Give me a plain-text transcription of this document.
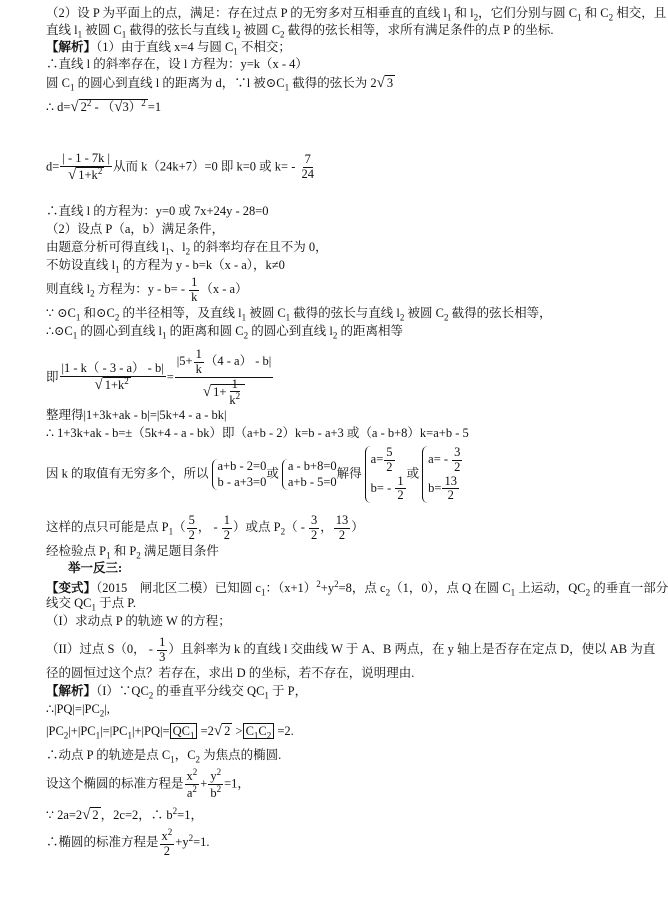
（2）设 P 为平面上的点，满足：存在过点 P 的无穷多对互相垂直的直线 $l_1$ 和 $l_2$，它们分别与圆 $C_1$ 和 $C_2$ 相交，且
直线 $l_1$ 被圆 $C_1$ 截得的弦长与直线 $l_2$ 被圆 $C_2$ 截得的弦长相等，求所有满足条件的点 P 的坐标.
【解析】（1）由于直线 x=4 与圆 $C_1$ 不相交；
∴直线 l 的斜率存在，设 l 方程为：y=k（x - 4）
圆 $C_1$ 的圆心到直线 l 的距离为 d，∵l 被$⊙C_1$ 截得的弦长为 2√ 3
∴ d=√ $2^2 - (√3)^2 =1$
$d= \frac{| - 1 - 7k |}{√ 1+k^2}$ 从而 k（24k+7）=0 即 k=0 或 $k= - \frac{7}{24}$
∴直线 l 的方程为：y=0 或 7x+24y - 28=0
（2）设点 P（a，b）满足条件，
由题意分析可得直线 $l_1$、$l_2$ 的斜率均存在且不为 0，
不妨设直线 $l_1$ 的方程为 y - b=k（x - a），k≠0
则直线 $l_2$ 方程为：$y - b= - \frac{1}{k} (x - a)$
∵ $⊙C_1$ 和$⊙C_2$ 的半径相等，及直线 $l_1$ 被圆 $C_1$ 截得的弦长与直线 $l_2$ 被圆 $C_2$ 截得的弦长相等，
$\therefore⊙C_1$ 的圆心到直线 $l_1$ 的距离和圆 $C_2$ 的圆心到直线 $l_2$ 的距离相等
即 $\frac{|1 - k( - 3 - a) - b|}{√ 1+k^2} = \frac{|5+ \frac{1}{k} (4 - a) - b|}{√ 1+ \frac{1}{k^2}}$
整理得|1+3k+ak - b|=|5k+4 - a - bk|
∴ 1+3k+ak - b=±（5k+4 - a - bk）即（a+b - 2）k=b - a+3 或（a - b+8）k=a+b - 5
因 k 的取值有无穷多个，所以
a+b - 2=0
b - a+3=0
或
a - b+8=0
a+b - 5=0
解得
$a= \frac{5}{2}$
$b= - \frac{1}{2}$
或
$a= - \frac{3}{2}$
$b= \frac{13}{2}$
这样的点只可能是点 $P_1( \frac{5}{2}$ ， - $\frac{1}{2}$ ）或点 $P_2( - \frac{3}{2}$ ， $\frac{13}{2}$ ）
经检验点 $P_1$ 和 $P_2$ 满足题目条件
举一反三:
【变式】（2015　闸北区二模）已知圆 $c_1$：$(x+1)^2+y^2=8$，点 $c_2(1$，0），点 Q 在圆 $C_1$ 上运动，$QC_2$ 的垂直一部分
线交 $QC_1$ 于点 P.
（I）求动点 P 的轨迹 W 的方程；
（II）过点 S（0， - $\frac{1}{3}$ ）且斜率为 k 的直线 l 交曲线 W 于 A、B 两点，在 y 轴上是否存在定点 D，使以 AB 为直
径的圆恒过这个点？若存在，求出 D 的坐标，若不存在，说明理由.
【解析】$(I)\because QC_2$ 的垂直平分线交 $QC_1$ 于 P，
$\therefore|PQ|=|PC_2|$,
$|PC_2|+|PC_1|=|PC_1|+|PQ|= QC_1 =2√$ $2 > C_1C_2 =2$.
∴动点 P 的轨迹是点 $C_1$，$C_2$ 为焦点的椭圆.
设这个椭圆的标准方程是 $\frac{x^2}{a^2} + \frac{y^2}{b^2} =1$，
∵ 2a=2√ 2 ，2c=2，∴ $b^2=1$，
∴椭圆的标准方程是 $\frac{x^2}{2} +y^2=1$.
